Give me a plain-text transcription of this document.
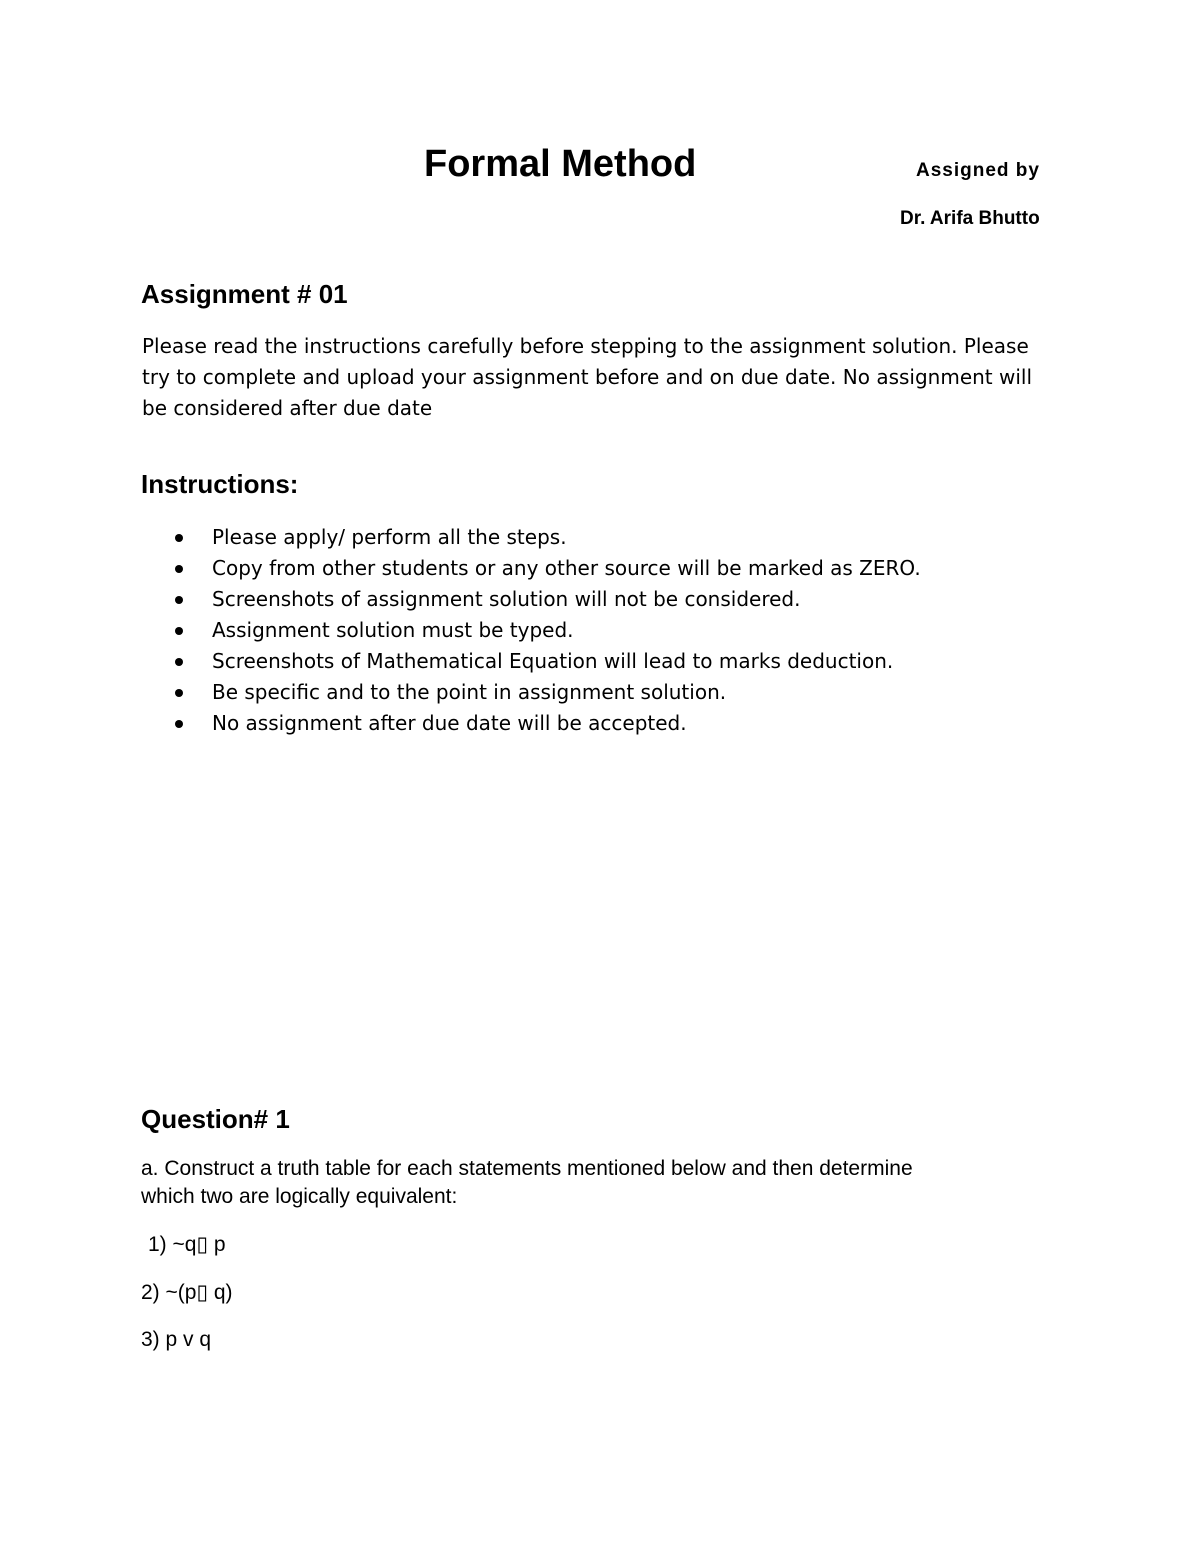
Formal Method	Assigned by
Dr. Arifa Bhutto
Assignment # 01
Please read the instructions carefully before stepping to the assignment solution. Please
try to complete and upload your assignment before and on due date. No assignment will
be considered after due date
Instructions:
Please apply/ perform all the steps.
Copy from other students or any other source will be marked as ZERO.
Screenshots of assignment solution will not be considered.
Assignment solution must be typed.
Screenshots of Mathematical Equation will lead to marks deduction.
Be specific and to the point in assignment solution.
No assignment after due date will be accepted.
Question# 1
a. Construct a truth table for each statements mentioned below and then determine
which two are logically equivalent:
1) ~q▯ p
2) ~(p▯ q)
3) p v q
